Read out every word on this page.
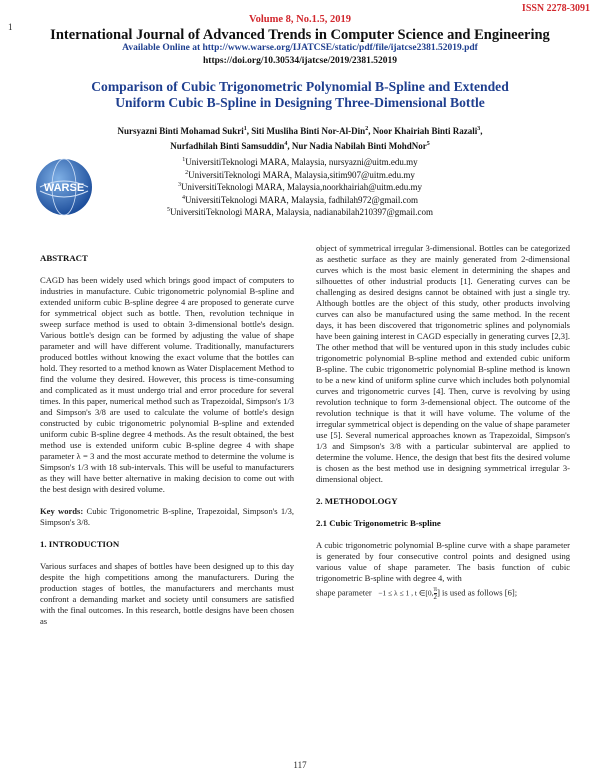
1
ISSN 2278-3091
Volume 8, No.1.5, 2019
International Journal of Advanced Trends in Computer Science and Engineering
Available Online at http://www.warse.org/IJATCSE/static/pdf/file/ijatcse2381.52019.pdf
https://doi.org/10.30534/ijatcse/2019/2381.52019
Comparison of Cubic Trigonometric Polynomial B-Spline and Extended
Uniform Cubic B-Spline in Designing Three-Dimensional Bottle
Nursyazni Binti Mohamad Sukri$^1$, Siti Musliha Binti Nor-Al-Din$^2$, Noor Khairiah Binti Razali$^3$,
Nurfadhilah Binti Samsuddin$^4$, Nur Nadia Nabilah Binti MohdNor$^5$
WARSE
$^1$UniversitiTeknologi MARA, Malaysia, nursyazni@uitm.edu.my
$^2$UniversitiTeknologi MARA, Malaysia,sitim907@uitm.edu.my
$^3$UniversitiTeknologi MARA, Malaysia,noorkhairiah@uitm.edu.my
$^4$UniversitiTeknologi MARA, Malaysia, fadhilah972@gmail.com
$^5$UniversitiTeknologi MARA, Malaysia, nadianabilah210397@gmail.com

ABSTRACT

CAGD has been widely used which brings good impact of computers to industries in manufacture. Cubic trigonometric polynomial B-spline and extended uniform cubic B-spline degree 4 are proposed to generate curve for symmetrical object such as bottle. Then, revolution technique in sweep surface method is used to obtain 3-dimensional bottle's design. Various bottle's design can be formed by adjusting the value of shape parameter and will have different volume. Traditionally, manufacturers produced bottles without knowing the exact volume that the bottles can hold. They resorted to a method known as Water Displacement Method to find the volume they desired. However, this process is time-consuming and complicated as it must undergo trial and error procedure for several times. In this paper, numerical method such as Trapezoidal, Simpson's 1/3 and Simpson's 3/8 are used to calculate the volume of bottle's design constructed by cubic trigonometric polynomial B-spline and extended uniform cubic B-spline degree 4 methods. As the result obtained, the best method use is extended uniform cubic B-spline degree 4 with shape parameter λ = 3 and the most accurate method to determine the volume is Simpson's 1/3 with 18 sub-intervals. This will be useful to manufacturers as they will have better alternative in making decision to come out with the best design with desired volume.

Key words: Cubic Trigonometric B-spline, Trapezoidal, Simpson's 1/3, Simpson's 3/8.

1. INTRODUCTION

Various surfaces and shapes of bottles have been designed up to this day despite the high competitions among the manufacturers. During the production stages of bottles, the manufacturers and merchants must confront a demanding market and society until consumers are satisfied with the final outcomes. In this research, bottle designs have been chosen as

object of symmetrical irregular 3-dimensional. Bottles can be categorized as aesthetic surface as they are mainly generated from 2-dimensional curves which is the most basic element in determining the shapes and silhouettes of other industrial products [1]. Generating curves can be challenging as desired designs cannot be obtained with just a single try. Although bottles are the object of this study, other products involving curves can also be manufactured using the same method. In the recent days, it has been discovered that trigonometric splines and polynomials have been gaining interest in CAGD especially in generating curves [2,3]. The other method that will be ventured upon in this study includes cubic trigonometric polynomial B-spline method and extended cubic uniform B-spline. The cubic trigonometric polynomial B-spline method is known to be a new kind of uniform spline curve which includes both polynomial curves and trigonometric curves [4]. Then, curve is revolving by using revolution technique to form 3-demensional object. The outcome of the revolution technique is that it will have volume. The volume of the irregular symmetrical object is depending on the value of shape parameter use [5]. Several numerical approaches known as Trapezoidal, Simpson's 1/3 and Simpson's 3/8 with a particular subinterval are applied to determine the volume. Hence, the design that best fits the desired volume is chosen as the best method use in designing symmetrical irregular 3-dimensional object.

2. METHODOLOGY

2.1 Cubic Trigonometric B-spline

A cubic trigonometric polynomial B-spline curve with a shape parameter is generated by four consecutive control points and designed using various value of shape parameter. The basis function of cubic trigonometric B-spline with degree 4, with

shape parameter −1 ≤ λ ≤ 1 , t ∈[0, $\frac{\pi}{2}$ ] is used as follows [6];

117
